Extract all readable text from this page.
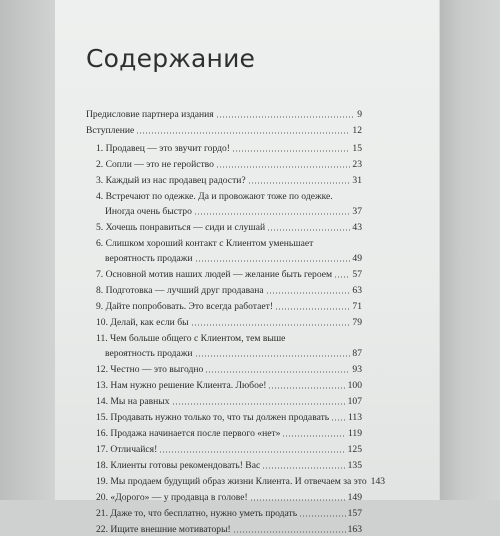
Содержание
Предисловие партнера издания	9
Вступление	12
1. Продавец — это звучит гордо!	15
2. Сопли — это не геройство	23
3. Каждый из нас продавец радости?	31
4. Встречают по одежке. Да и провожают тоже по одежке.
Иногда очень быстро	37
5. Хочешь понравиться — сиди и слушай	43
6. Слишком хороший контакт с Клиентом уменьшает
вероятность продажи	49
7. Основной мотив наших людей — желание быть героем 57
8. Подготовка — лучший друг продавана	63
9. Дайте попробовать. Это всегда работает!	71
10. Делай, как если бы	79
11. Чем больше общего с Клиентом, тем выше
вероятность продажи	87
12. Честно — это выгодно	93
13. Нам нужно решение Клиента. Любое!	100
14. Мы на равных	107
15. Продавать нужно только то, что ты должен продавать 113
16. Продажа начинается после первого «нет»	119
17. Отличайся!	125
18. Клиенты готовы рекомендовать! Вас	135
19. Мы продаем будущий образ жизни Клиента. И отвечаем за это 143
20. «Дорого» — у продавца в голове!	149
21. Даже то, что бесплатно, нужно уметь продать	157
22. Ищите внешние мотиваторы!	163
